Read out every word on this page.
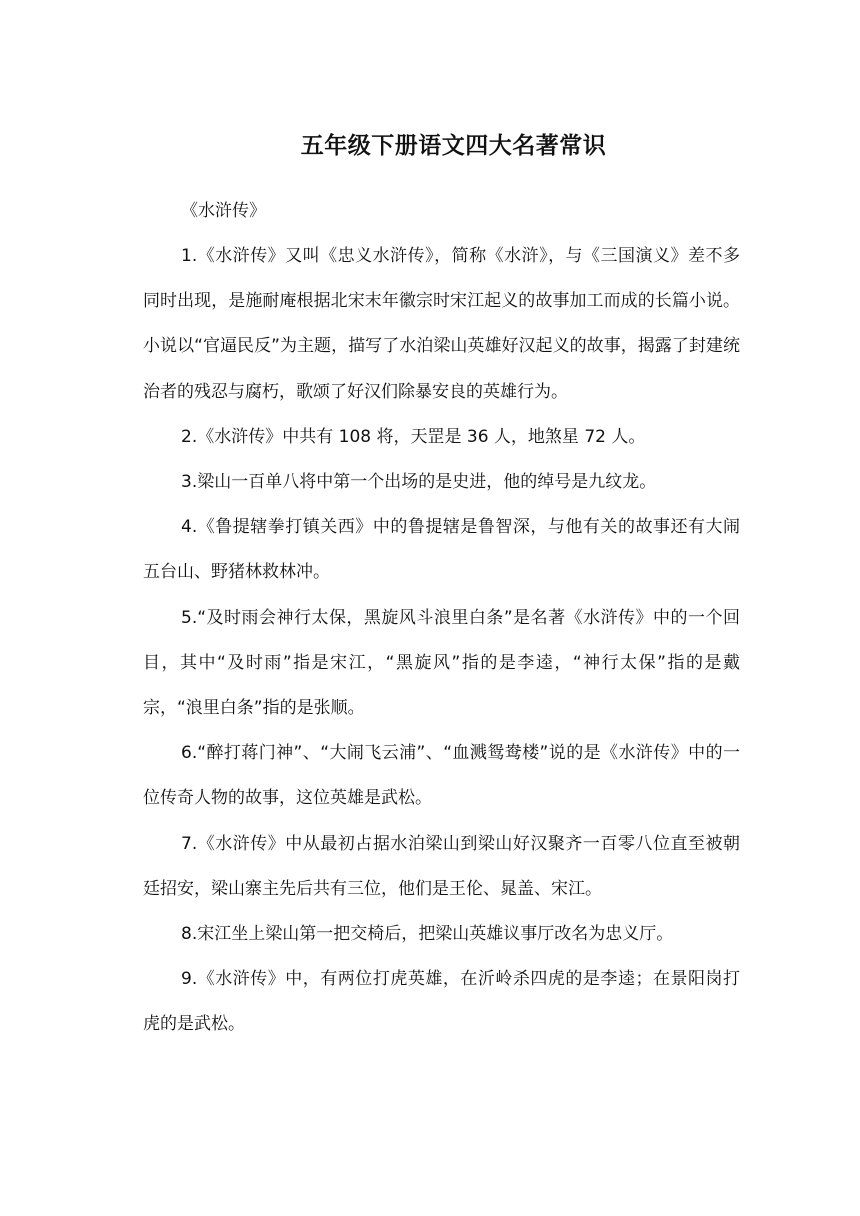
五年级下册语文四大名著常识

《水浒传》

1.《水浒传》又叫《忠义水浒传》，简称《水浒》，与《三国演义》差不多同时出现，是施耐庵根据北宋末年徽宗时宋江起义的故事加工而成的长篇小说。小说以“官逼民反”为主题，描写了水泊梁山英雄好汉起义的故事，揭露了封建统治者的残忍与腐朽，歌颂了好汉们除暴安良的英雄行为。

2.《水浒传》中共有 108 将，天罡是 36 人，地煞星 72 人。

3.梁山一百单八将中第一个出场的是史进，他的绰号是九纹龙。

4.《鲁提辖拳打镇关西》中的鲁提辖是鲁智深，与他有关的故事还有大闹五台山、野猪林救林冲。

5.“及时雨会神行太保，黑旋风斗浪里白条”是名著《水浒传》中的一个回目，其中“及时雨”指是宋江，“黑旋风”指的是李逵，“神行太保”指的是戴宗，“浪里白条”指的是张顺。

6.“醉打蒋门神”、“大闹飞云浦”、“血溅鸳鸯楼”说的是《水浒传》中的一位传奇人物的故事，这位英雄是武松。

7.《水浒传》中从最初占据水泊梁山到梁山好汉聚齐一百零八位直至被朝廷招安，梁山寨主先后共有三位，他们是王伦、晁盖、宋江。

8.宋江坐上梁山第一把交椅后，把梁山英雄议事厅改名为忠义厅。

9.《水浒传》中，有两位打虎英雄，在沂岭杀四虎的是李逵；在景阳岗打虎的是武松。
